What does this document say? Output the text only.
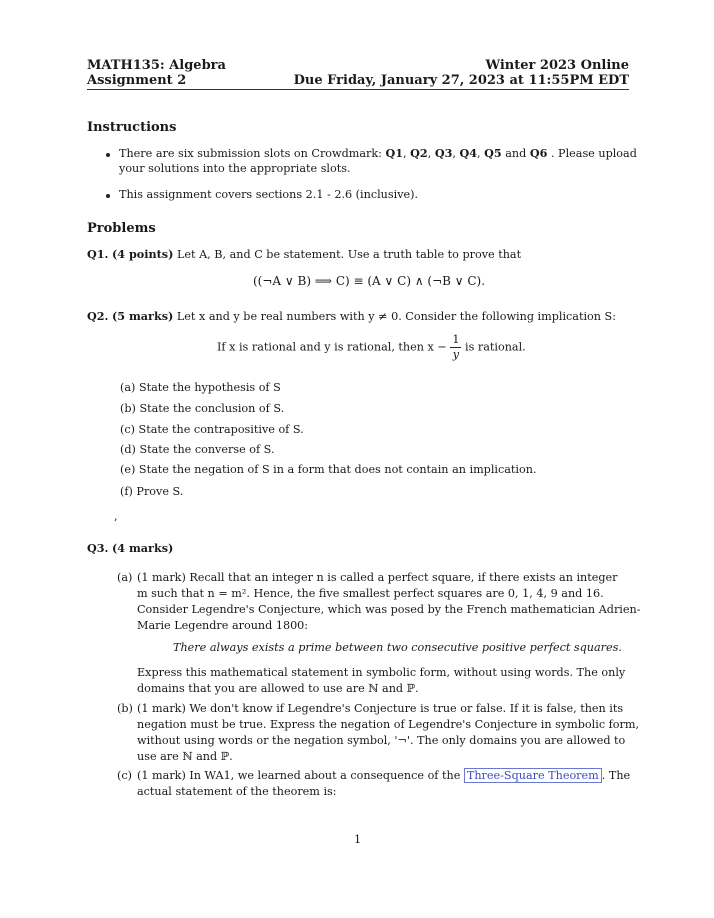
MATH135: Algebra	Winter 2023 Online
Assignment 2	Due Friday, January 27, 2023 at 11:55PM EDT
Instructions
There are six submission slots on Crowdmark: Q1, Q2, Q3, Q4, Q5 and Q6 . Please upload
your solutions into the appropriate slots.
This assignment covers sections 2.1 - 2.6 (inclusive).
Problems
Q1. (4 points) Let A, B, and C be statement. Use a truth table to prove that
((¬A ∨ B) ⟹ C) ≡ (A ∨ C) ∧ (¬B ∨ C).
Q2. (5 marks) Let x and y be real numbers with y ≠ 0. Consider the following implication S:
If x is rational and y is rational, then $x - \frac{1}{y}$ is rational.
(a) State the hypothesis of S
(b) State the conclusion of S.
(c) State the contrapositive of S.
(d) State the converse of S.
(e) State the negation of S in a form that does not contain an implication.
(f) Prove S.
,
Q3. (4 marks)
(a) (1 mark) Recall that an integer n is called a perfect square, if there exists an integer
m such that n = m². Hence, the five smallest perfect squares are 0, 1, 4, 9 and 16.
Consider Legendre's Conjecture, which was posed by the French mathematician Adrien-
Marie Legendre around 1800:
There always exists a prime between two consecutive positive perfect squares.
Express this mathematical statement in symbolic form, without using words. The only
domains that you are allowed to use are ℕ and ℙ.
(b) (1 mark) We don't know if Legendre's Conjecture is true or false. If it is false, then its
negation must be true. Express the negation of Legendre's Conjecture in symbolic form,
without using words or the negation symbol, '¬'. The only domains you are allowed to
use are ℕ and ℙ.
(c) (1 mark) In WA1, we learned about a consequence of the Three-Square Theorem . The
actual statement of the theorem is:
1
